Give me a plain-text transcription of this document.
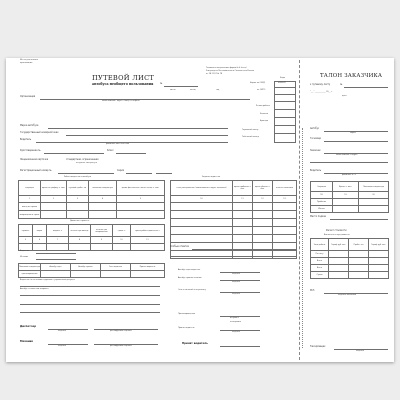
Место для штампа
организации
Типовая межотраслевая форма № 6 (спец)
Утверждена Постановлением Госкомстата России
от 28.11.97 № 78
ПУТЕВОЙ ЛИСТ
автобуса необщего пользования	№
Коды
0345007
Форма по ОКУД
по ОКПО
число	месяц	год
Организация
наименование, адрес, номер телефона
Режим работы
Колонна
Бригада
Марка автобуса
Государственный номерной знак
Гаражный номер
Табельный номер
Водитель
фамилия, имя, отчество
Удостоверение №	Класс
Лицензионная карточка	стандартная, ограниченная
ненужное зачеркнуть
Регистрационный номер №	Серия
Работа водителя и автобуса	Задание водителю
операция	время по графику, ч. мин.	нулевой пробег, км	показания спидометра	время фактическое, число, месяц, ч. мин.
1	2	3	4	5
выезд из гаража				
возвращение в гараж				
в чье распоряжение (наименование и адрес заказчика)	время прибытия, ч. мин.	время убытия, ч. мин.	отметки заказчика
10	11	12	13

Движение горючего
горючее	марка	выдано, л	остаток при выезде	остаток при возвращении	сдано, л	время работы двигателя, ч
5	6	7	8	9	10	11

Водитель
Механик
Показание спидометра	Автобус сдал	Автобус принял	Счет водителя	Принял водитель
при возвращении				
Водитель по состоянию здоровья к управлению допущен
Автобус технически исправен
Диспетчер
подпись	расшифровка подписи
Механик
подпись	расшифровка подписи
Особые отметки
Автобус сдал водитель
подпись
Автобус принял механик
подпись
Ответственный за перевозку
подпись
При возвращении
исправен
неисправен
Принят водитель
подпись
Принят водитель
ТАЛОН ЗАКАЗЧИКА
к путевому листу	№
"___" ____________ 20__ г.
дата
Автобус
марка
Госномер
Заказчик
наименование и адрес
Водитель
фамилия, и., о.
Операция	Время, ч. мин.	Показания спидометра
18	19	20
Прибытие		
Убытие		
Место подачи
Расчет стоимости
Выполнено и предъявлено
Часы работы	Тариф, руб. коп.	Пробег, км	Тариф, руб. коп.
По счету			
Итого			
Всего			
Сумма			
М.П.
подпись заказчика
Таксировщик
подпись
